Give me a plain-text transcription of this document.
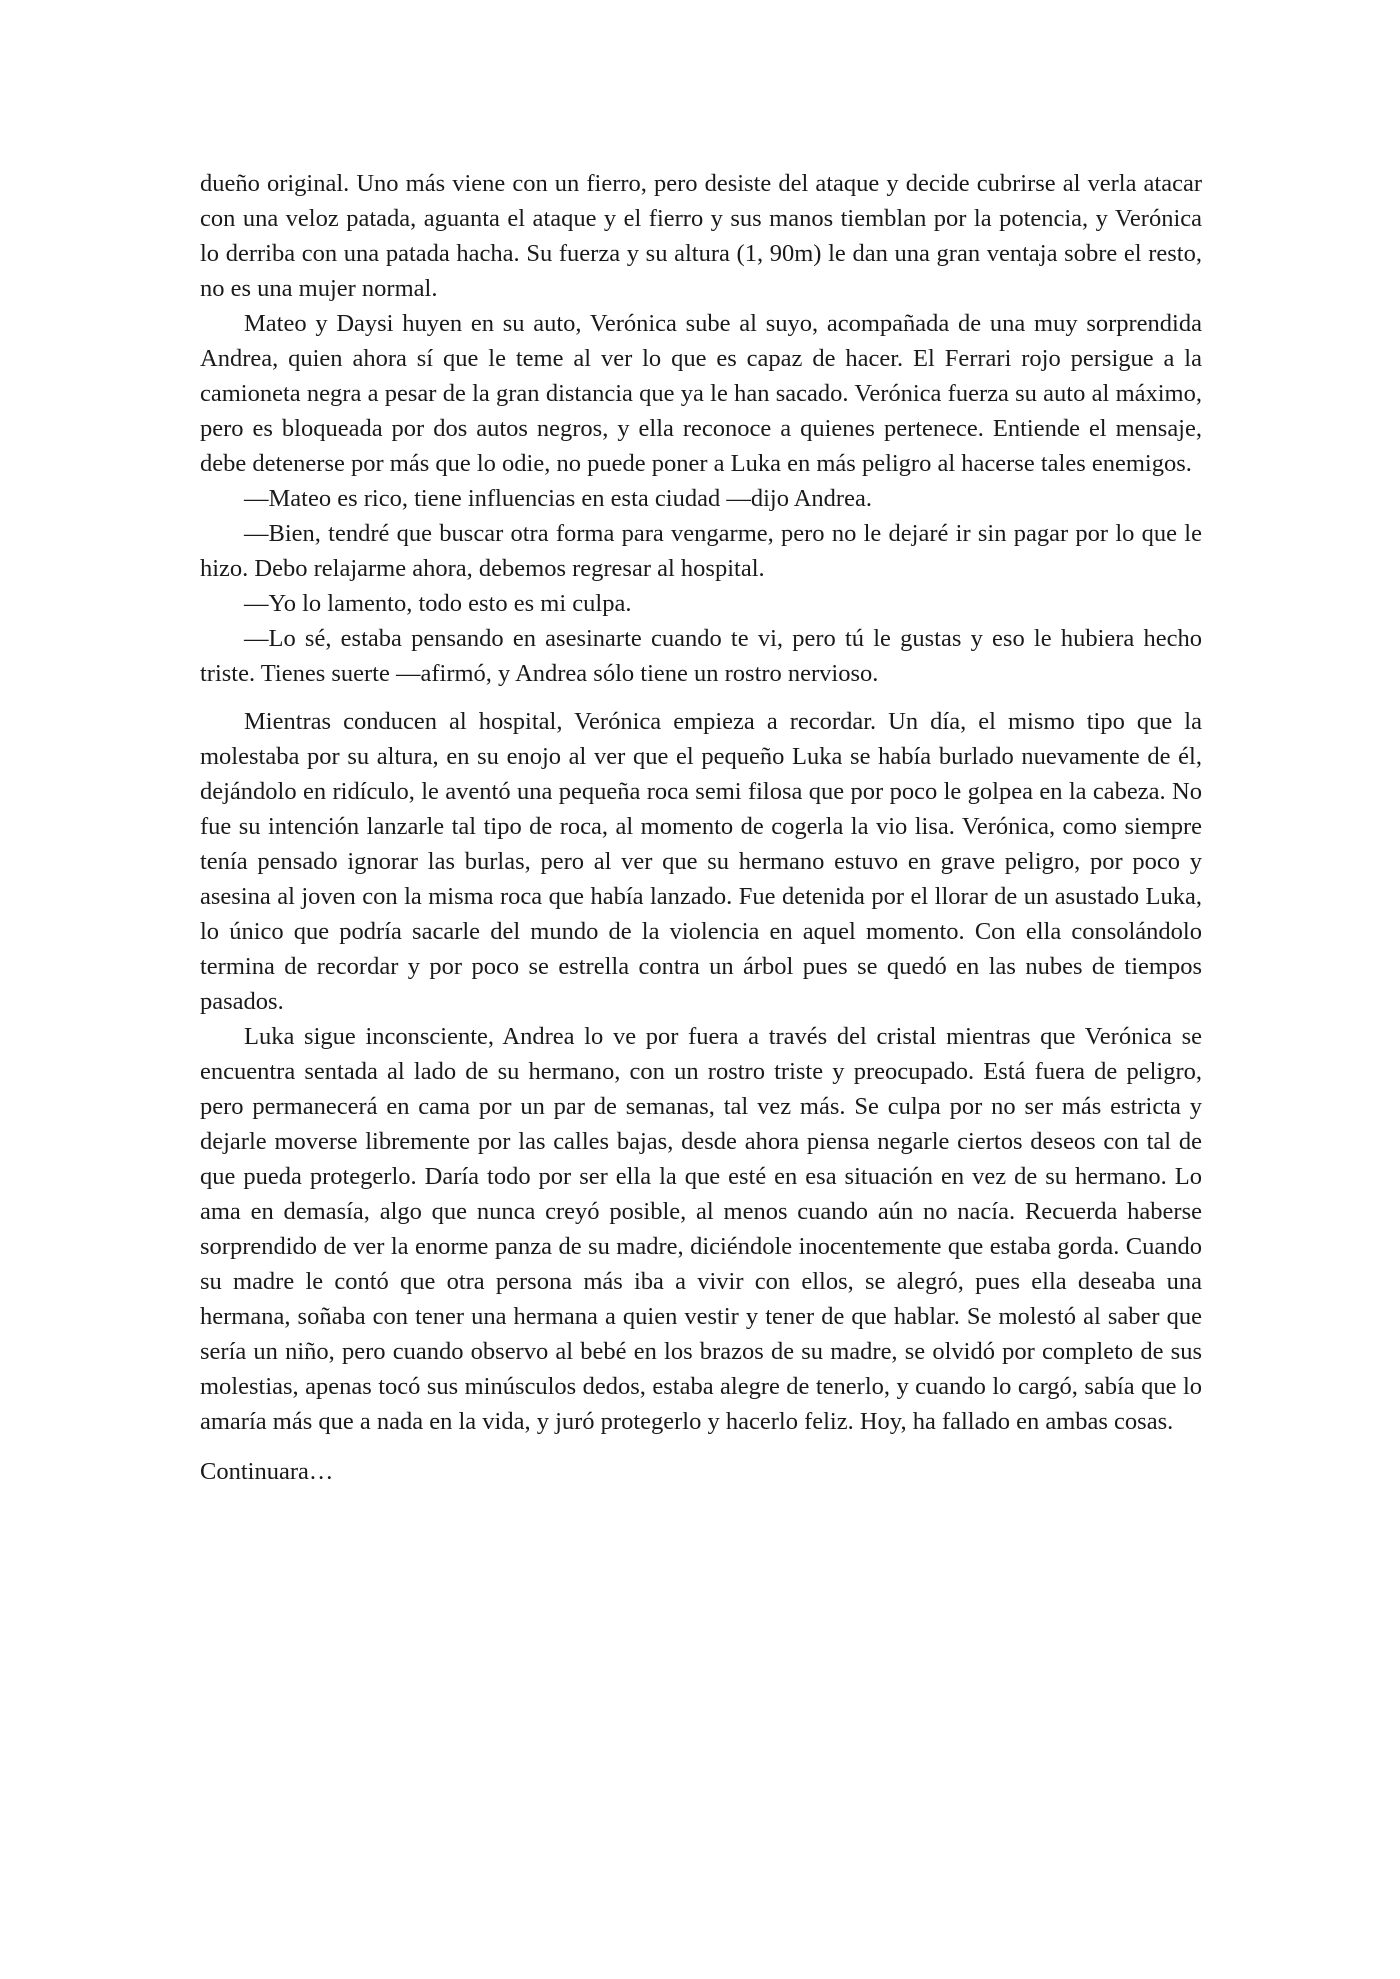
dueño original. Uno más viene con un fierro, pero desiste del ataque y decide cubrirse al verla atacar con una veloz patada, aguanta el ataque y el fierro y sus manos tiemblan por la potencia, y Verónica lo derriba con una patada hacha. Su fuerza y su altura (1, 90m) le dan una gran ventaja sobre el resto, no es una mujer normal.

Mateo y Daysi huyen en su auto, Verónica sube al suyo, acompañada de una muy sorprendida Andrea, quien ahora sí que le teme al ver lo que es capaz de hacer. El Ferrari rojo persigue a la camioneta negra a pesar de la gran distancia que ya le han sacado. Verónica fuerza su auto al máximo, pero es bloqueada por dos autos negros, y ella reconoce a quienes pertenece. Entiende el mensaje, debe detenerse por más que lo odie, no puede poner a Luka en más peligro al hacerse tales enemigos.

—Mateo es rico, tiene influencias en esta ciudad —dijo Andrea.

—Bien, tendré que buscar otra forma para vengarme, pero no le dejaré ir sin pagar por lo que le hizo. Debo relajarme ahora, debemos regresar al hospital.

—Yo lo lamento, todo esto es mi culpa.

—Lo sé, estaba pensando en asesinarte cuando te vi, pero tú le gustas y eso le hubiera hecho triste. Tienes suerte —afirmó, y Andrea sólo tiene un rostro nervioso.

Mientras conducen al hospital, Verónica empieza a recordar. Un día, el mismo tipo que la molestaba por su altura, en su enojo al ver que el pequeño Luka se había burlado nuevamente de él, dejándolo en ridículo, le aventó una pequeña roca semi filosa que por poco le golpea en la cabeza. No fue su intención lanzarle tal tipo de roca, al momento de cogerla la vio lisa. Verónica, como siempre tenía pensado ignorar las burlas, pero al ver que su hermano estuvo en grave peligro, por poco y asesina al joven con la misma roca que había lanzado. Fue detenida por el llorar de un asustado Luka, lo único que podría sacarle del mundo de la violencia en aquel momento. Con ella consolándolo termina de recordar y por poco se estrella contra un árbol pues se quedó en las nubes de tiempos pasados.

Luka sigue inconsciente, Andrea lo ve por fuera a través del cristal mientras que Verónica se encuentra sentada al lado de su hermano, con un rostro triste y preocupado. Está fuera de peligro, pero permanecerá en cama por un par de semanas, tal vez más. Se culpa por no ser más estricta y dejarle moverse libremente por las calles bajas, desde ahora piensa negarle ciertos deseos con tal de que pueda protegerlo. Daría todo por ser ella la que esté en esa situación en vez de su hermano. Lo ama en demasía, algo que nunca creyó posible, al menos cuando aún no nacía. Recuerda haberse sorprendido de ver la enorme panza de su madre, diciéndole inocentemente que estaba gorda. Cuando su madre le contó que otra persona más iba a vivir con ellos, se alegró, pues ella deseaba una hermana, soñaba con tener una hermana a quien vestir y tener de que hablar. Se molestó al saber que sería un niño, pero cuando observo al bebé en los brazos de su madre, se olvidó por completo de sus molestias, apenas tocó sus minúsculos dedos, estaba alegre de tenerlo, y cuando lo cargó, sabía que lo amaría más que a nada en la vida, y juró protegerlo y hacerlo feliz. Hoy, ha fallado en ambas cosas.

Continuara…
